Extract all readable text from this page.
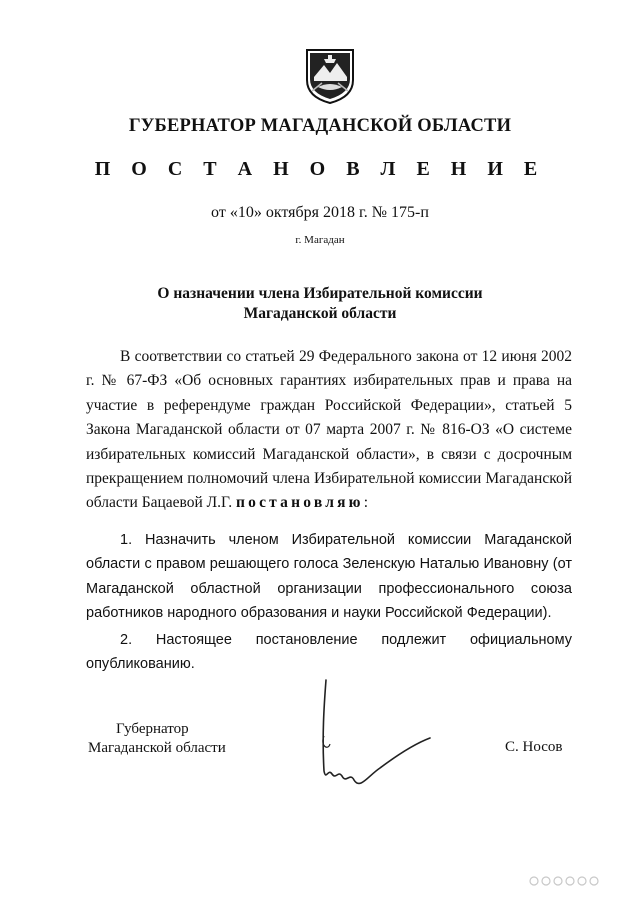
ГУБЕРНАТОР МАГАДАНСКОЙ ОБЛАСТИ
П О С Т А Н О В Л Е Н И Е
от «10» октября 2018 г. № 175-п
г. Магадан
О назначении члена Избирательной комиссии
Магаданской области
В соответствии со статьей 29 Федерального закона от 12 июня 2002 г. № 67-ФЗ «Об основных гарантиях избирательных прав и права на участие в референдуме граждан Российской Федерации», статьей 5 Закона Магаданской области от 07 марта 2007 г. № 816-ОЗ «О системе избирательных комиссий Магаданской области», в связи с досрочным прекращением полномочий члена Избирательной комиссии Магаданской области Бацаевой Л.Г. постановляю:
1. Назначить членом Избирательной комиссии Магаданской области с правом решающего голоса Зеленскую Наталью Ивановну (от Магаданской областной организации профессионального союза работников народного образования и науки Российской Федерации).
2. Настоящее постановление подлежит официальному опубликованию.
Губернатор
Магаданской области	С. Носов
